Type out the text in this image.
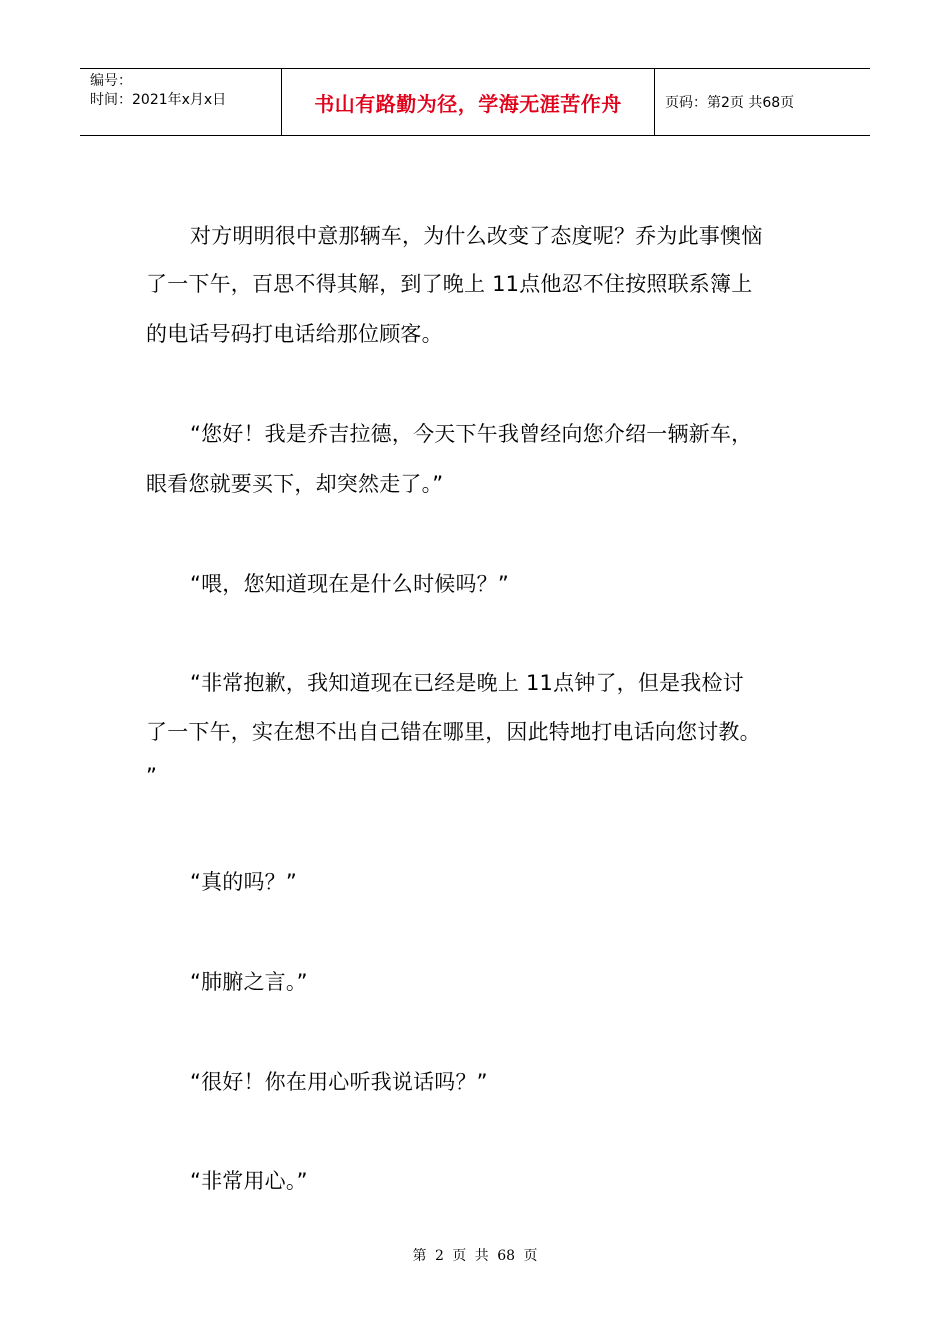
编号：
时间：2021年x月x日	书山有路勤为径，学海无涯苦作舟	页码：第2页 共68页
对方明明很中意那辆车，为什么改变了态度呢？乔为此事懊恼
了一下午，百思不得其解，到了晚上 11点他忍不住按照联系簿上
的电话号码打电话给那位顾客。
“您好！我是乔吉拉德，今天下午我曾经向您介绍一辆新车，
眼看您就要买下，却突然走了。”
“喂，您知道现在是什么时候吗？”
“非常抱歉，我知道现在已经是晚上 11点钟了，但是我检讨
了一下午，实在想不出自己错在哪里，因此特地打电话向您讨教。
”
“真的吗？”
“肺腑之言。”
“很好！你在用心听我说话吗？”
“非常用心。”
第 2 页 共 68 页
